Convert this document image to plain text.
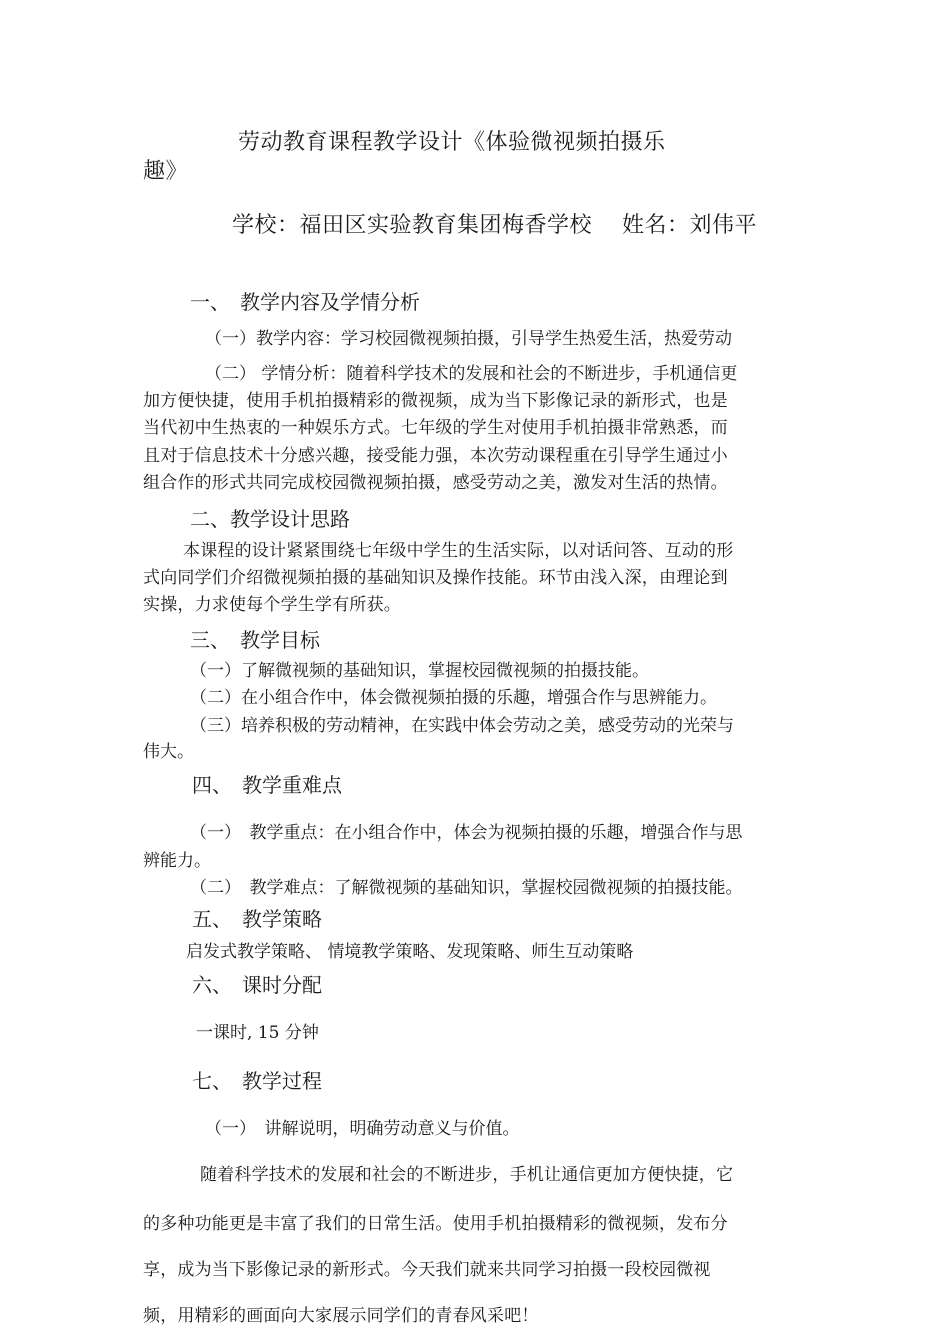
劳动教育课程教学设计《体验微视频拍摄乐

趣》

学校：福田区实验教育集团梅香学校　 姓名：刘伟平

一、　教学内容及学情分析

（一）教学内容：学习校园微视频拍摄，引导学生热爱生活，热爱劳动

（二） 学情分析：随着科学技术的发展和社会的不断进步，手机通信更

加方便快捷，使用手机拍摄精彩的微视频，成为当下影像记录的新形式，也是

当代初中生热衷的一种娱乐方式。七年级的学生对使用手机拍摄非常熟悉，而

且对于信息技术十分感兴趣，接受能力强，本次劳动课程重在引导学生通过小

组合作的形式共同完成校园微视频拍摄，感受劳动之美，激发对生活的热情。

二、教学设计思路

本课程的设计紧紧围绕七年级中学生的生活实际，以对话问答、互动的形

式向同学们介绍微视频拍摄的基础知识及操作技能。环节由浅入深，由理论到

实操，力求使每个学生学有所获。

三、　教学目标

（一）了解微视频的基础知识，掌握校园微视频的拍摄技能。

（二）在小组合作中，体会微视频拍摄的乐趣，增强合作与思辨能力。

（三）培养积极的劳动精神，在实践中体会劳动之美，感受劳动的光荣与

伟大。

四、　教学重难点

（一）　教学重点：在小组合作中，体会为视频拍摄的乐趣，增强合作与思

辨能力。

（二）　教学难点：了解微视频的基础知识，掌握校园微视频的拍摄技能。

五、　教学策略

启发式教学策略、 情境教学策略、发现策略、师生互动策略

六、　课时分配

一课时, 15 分钟

七、　教学过程

（一）　讲解说明，明确劳动意义与价值。

随着科学技术的发展和社会的不断进步，手机让通信更加方便快捷，它

的多种功能更是丰富了我们的日常生活。使用手机拍摄精彩的微视频，发布分

享，成为当下影像记录的新形式。今天我们就来共同学习拍摄一段校园微视

频，用精彩的画面向大家展示同学们的青春风采吧！
